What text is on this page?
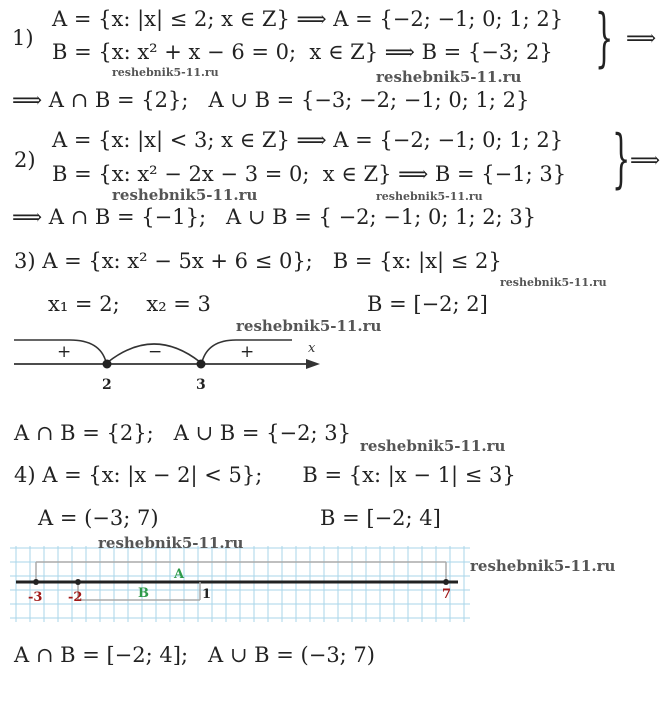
1)
A = {x: |x| ≤ 2; x ∈ Z} ⟹ A = {−2; −1; 0; 1; 2}
B = {x: x² + x − 6 = 0;  x ∈ Z} ⟹ B = {−3; 2} } ⟹
reshebnik5-11.ru	reshebnik5-11.ru
⟹ A ∩ B = {2};   A ∪ B = {−3; −2; −1; 0; 1; 2}
2)
A = {x: |x| < 3; x ∈ Z} ⟹ A = {−2; −1; 0; 1; 2}
B = {x: x² − 2x − 3 = 0;  x ∈ Z} ⟹ B = {−1; 3} } ⟹
reshebnik5-11.ru	reshebnik5-11.ru
⟹ A ∩ B = {−1};   A ∪ B = { −2; −1; 0; 1; 2; 3}
3) A = {x: x² − 5x + 6 ≤ 0};   B = {x: |x| ≤ 2}
reshebnik5-11.ru
x₁ = 2;    x₂ = 3	B = [−2; 2]
reshebnik5-11.ru
x
+	−	+
2	3
A ∩ B = {2};   A ∪ B = {−2; 3}
reshebnik5-11.ru
4) A = {x: |x − 2| < 5};      B = {x: |x − 1| ≤ 3}
A = (−3; 7)	B = [−2; 4]
A
B
-3 -2	1	7
reshebnik5-11.ru
reshebnik5-11.ru
A ∩ B = [−2; 4];   A ∪ B = (−3; 7)
